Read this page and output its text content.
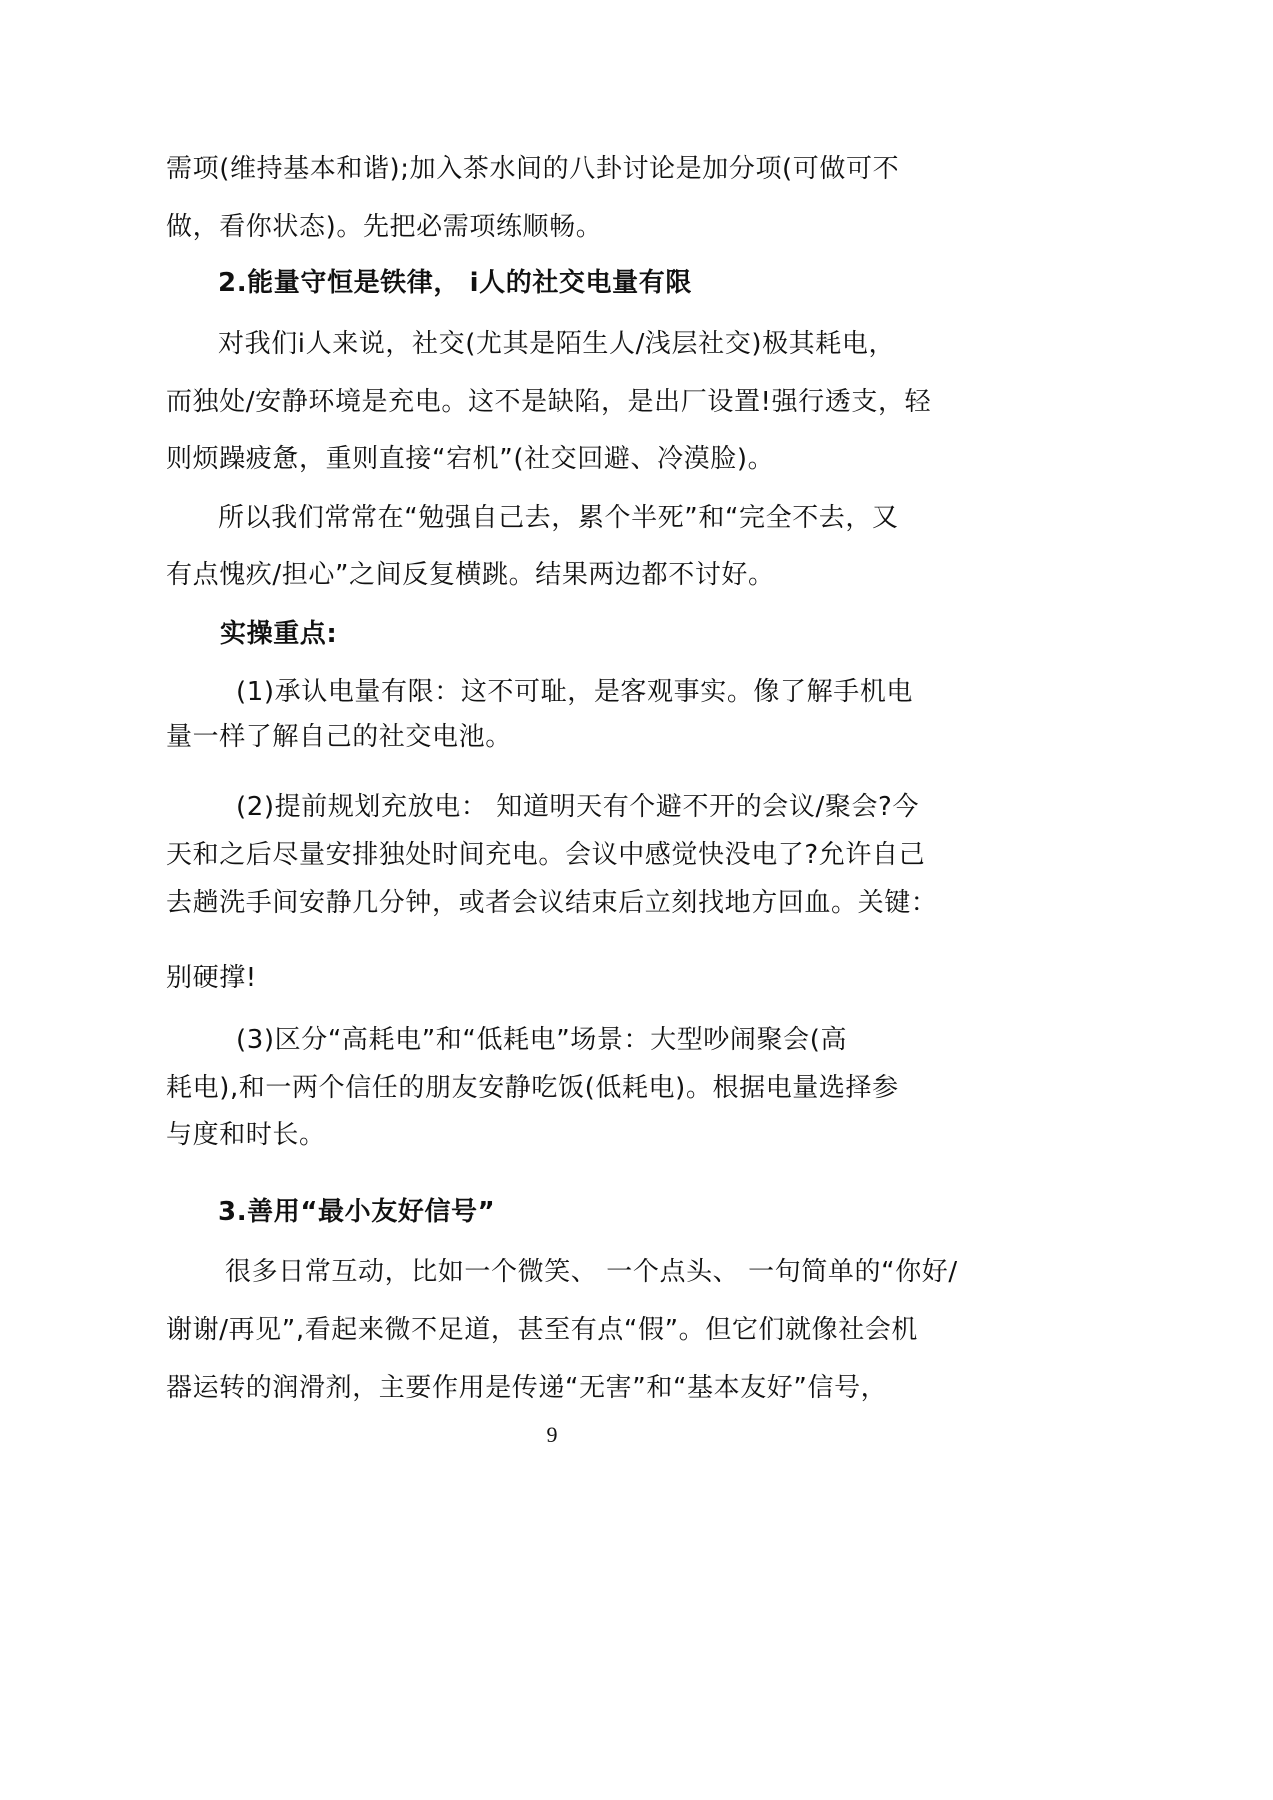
需项(维持基本和谐);加入茶水间的八卦讨论是加分项(可做可不
做，看你状态)。先把必需项练顺畅。
2.能量守恒是铁律， i人的社交电量有限
对我们i人来说，社交(尤其是陌生人/浅层社交)极其耗电，
而独处/安静环境是充电。这不是缺陷，是出厂设置!强行透支，轻
则烦躁疲惫，重则直接“宕机”(社交回避、冷漠脸)。
所以我们常常在“勉强自己去，累个半死”和“完全不去，又
有点愧疚/担心”之间反复横跳。结果两边都不讨好。
实操重点:
(1)承认电量有限：这不可耻，是客观事实。像了解手机电
量一样了解自己的社交电池。
(2)提前规划充放电： 知道明天有个避不开的会议/聚会?今
天和之后尽量安排独处时间充电。会议中感觉快没电了?允许自己
去趟洗手间安静几分钟，或者会议结束后立刻找地方回血。关键：
别硬撑!
(3)区分“高耗电”和“低耗电”场景：大型吵闹聚会(高
耗电),和一两个信任的朋友安静吃饭(低耗电)。根据电量选择参
与度和时长。
3.善用“最小友好信号”
很多日常互动，比如一个微笑、 一个点头、 一句简单的“你好/
谢谢/再见”,看起来微不足道，甚至有点“假”。但它们就像社会机
器运转的润滑剂，主要作用是传递“无害”和“基本友好”信号，
9
